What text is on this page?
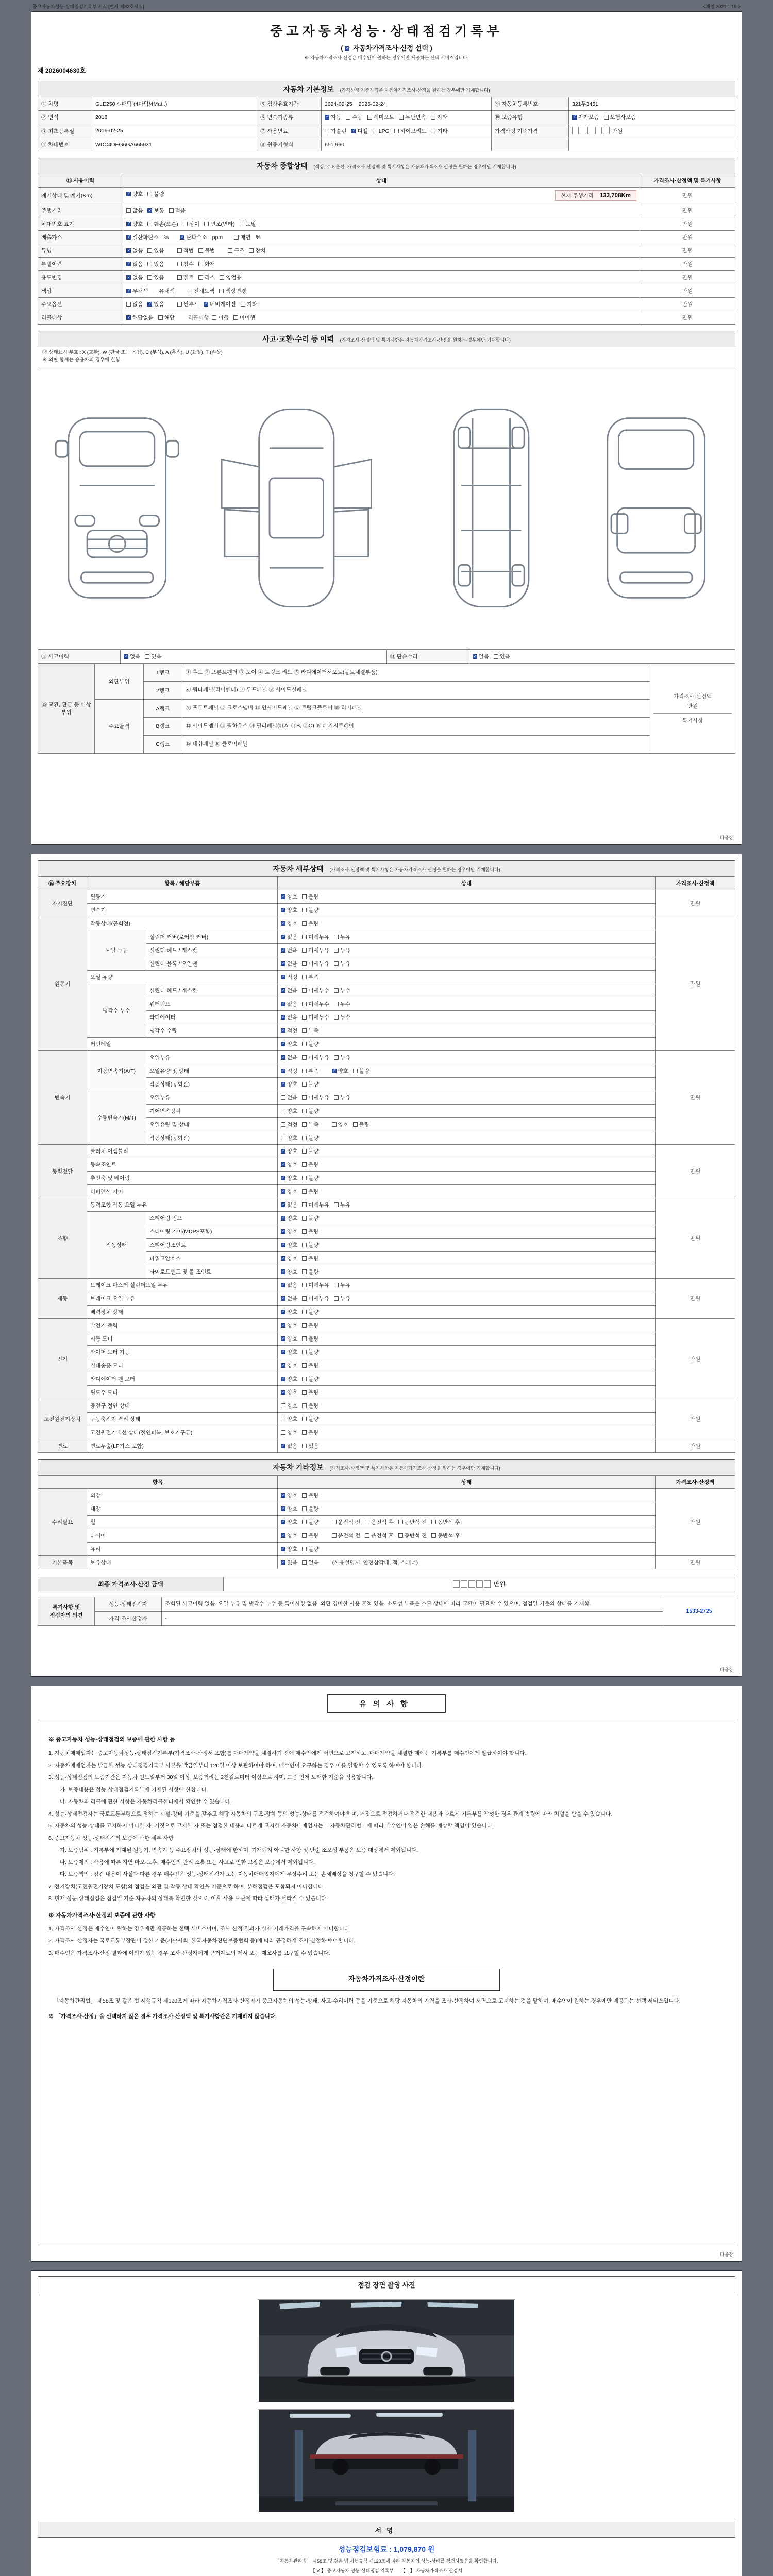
중고자동차성능·상태점검기록부 서식 [별지 제82호서식]	<개정 2021.1.19.>
중고자동차성능·상태점검기록부
( ✓ 자동차가격조사·산정 선택 )
※ 자동차가격조사·산정은 매수인이 원하는 경우에만 제공하는 선택 서비스입니다.
제 2026004630호
자동차 기본정보 (가격산정 기준가격은 자동차가격조사·산정을 원하는 경우에만 기재합니다)
① 차명	GLE250 4-매틱 (4마틱/4Mat..)	⑤ 검사유효기간	2024-02-25 ~ 2026-02-24	⑨ 자동차등록번호	321두3451
② 연식	2016	⑥ 변속기종류	✓자동 수동 세미오토 무단변속 기타	⑩ 보증유형	✓자가보증 보험사보증
③ 최초등록일	2016-02-25	⑦ 사용연료	가솔린 ✓ 디젤 LPG 하이브리드 기타	가격산정 기준가격	만원
④ 차대번호	WDC4DEG6GA665931	⑧ 원동기형식	651 960		
자동차 종합상태 (색상, 주요옵션, 가격조사·산정액 및 특기사항은 자동차가격조사·산정을 원하는 경우에만 기재합니다)
⑪ 사용이력	상태	가격조사·산정액 및 특기사항
계기상태 및 계기(Km)	✓양호 불량 현재 주행거리 133,708Km	만원
주행거리	많음 ✓ 보통 적음	만원
차대번호 표기	✓양호 훼손(오손) 상이 변조(변타) 도말	만원
배출가스	✓일산화탄소 % ✓ 탄화수소 ppm 매연 %	만원
튜닝	✓없음 있음 적법 불법 구조 장치	만원
특별이력	✓없음 있음 침수 화재	만원
용도변경	✓없음 있음 렌트 리스 영업용	만원
색상	✓무채색 유채색 전체도색 색상변경	만원
주요옵션	없음 ✓ 있음 썬루프 ✓ 네비게이션 기타	만원
리콜대상	✓해당없음 해당 리콜이행 이행 미이행	만원
사고·교환·수리 등 이력 (가격조사·산정액 및 특기사항은 자동차가격조사·산정을 원하는 경우에만 기재합니다)
⑫ 상태표시 부호 : X (교환), W (판금 또는 용접), C (부식), A (흠집), U (요철), T (손상)
※ 외판 합계는 승용차의 경우에 한함
⑬ 사고이력	✓없음 있음	⑭ 단순수리	✓없음 있음
⑮ 교환, 판금 등 이상 부위	외판부위	1랭크	① 후드 ② 프론트펜더 ③ 도어 ④ 트렁크 리드 ⑤ 라디에이터서포트(볼트체결부품)	가격조사·산정액
만원
특기사항

		2랭크	⑥ 쿼터패널(리어펜더) ⑦ 루프패널 ⑧ 사이드실패널	
	주요골격	A랭크	⑨ 프론트패널 ⑩ 크로스멤버 ⑪ 인사이드패널 ⑰ 트렁크플로어 ⑱ 리어패널	
		B랭크	⑫ 사이드멤버 ⑬ 휠하우스 ⑭ 필러패널(⑭A, ⑭B, ⑭C) ⑲ 패키지트레이	
		C랭크	⑮ 대쉬패널 ⑯ 플로어패널	
다음장
자동차 세부상태 (가격조사·산정액 및 특기사항은 자동차가격조사·산정을 원하는 경우에만 기재합니다)
⑯ 주요장치	항목 / 해당부품		상태	가격조사·산정액
자기진단	원동기	✓양호 불량	만원
	변속기	✓양호 불량
원동기	작동상태(공회전)	✓양호 불량	만원
	오일 누유	실린더 커버(로커암 커버)	✓없음 미세누유 누유
		실린더 헤드 / 개스킷	✓없음 미세누유 누유
		실린더 블록 / 오일팬	✓없음 미세누유 누유
	오일 유량	✓적정 부족
	냉각수 누수	실린더 헤드 / 개스킷	✓없음 미세누수 누수
		워터펌프	✓없음 미세누수 누수
		라디에이터	✓없음 미세누수 누수
		냉각수 수량	✓적정 부족
	커먼레일	✓양호 불량
변속기	자동변속기(A/T)	오일누유	✓없음 미세누유 누유	만원
		오일유량 및 상태	✓적정 부족 ✓ 양호 불량
		작동상태(공회전)	✓양호 불량
	수동변속기(M/T)	오일누유	없음 미세누유 누유	
		기어변속장치	양호 불량	
		오일유량 및 상태	적정 부족 양호 불량	
		작동상태(공회전)	양호 불량	
동력전달	클러치 어셈블리	✓양호 불량	만원
	등속조인트	✓양호 불량
	추진축 및 베어링	✓양호 불량
	디퍼렌셜 기어	✓양호 불량
조향	동력조향 작동 오일 누유	✓없음 미세누유 누유	만원
	작동상태	스티어링 펌프	✓양호 불량
		스티어링 기어(MDPS포함)	✓양호 불량
		스티어링조인트	✓양호 불량
		파워고압호스	✓양호 불량
		타이로드엔드 및 볼 조인트	✓양호 불량
제동	브레이크 마스터 실린더오일 누유	✓없음 미세누유 누유	만원
	브레이크 오일 누유	✓없음 미세누유 누유
	배력장치 상태	✓양호 불량
전기	발전기 출력	✓양호 불량	만원
	시동 모터	✓양호 불량
	와이퍼 모터 기능	✓양호 불량
	실내송풍 모터	✓양호 불량
	라디에이터 팬 모터	✓양호 불량
	윈도우 모터	✓양호 불량
고전원전기장치	충전구 절연 상태		양호 불량	만원
	구동축전지 격리 상태		양호 불량	
	고전원전기배선 상태(절연피복, 보호기구류)		양호 불량	
연료	연료누출(LP가스 포함)	✓없음 있음	만원
자동차 기타정보 (가격조사·산정액 및 특기사항은 자동차가격조사·산정을 원하는 경우에만 기재합니다)
항목		상태	가격조사·산정액
수리필요	외장	✓양호 불량	만원
	내장	✓양호 불량
	휠	✓양호 불량 운전석 전 운전석 후 동반석 전 동반석 후
	타이어	✓양호 불량 운전석 전 운전석 후 동반석 전 동반석 후
	유리	✓양호 불량
기본품목	보유상태	✓있음 없음 (사용설명서, 안전삼각대, 잭, 스패너)	만원
최종 가격조사·산정 금액	만원
특기사항 및 점검자의 의견	성능·상태점검자	조회된 사고이력 없음. 오일 누유 및 냉각수 누수 등 특이사항 없음. 외판 경미한 사용 흔적 있음. 소모성 부품은 소모 상태에 따라 교환이 필요할 수 있으며, 점검일 기준의 상태를 기재함.	1533-2725
	가격·조사산정자	-	
다음장
유의사항
※ 중고자동차 성능·상태점검의 보증에 관한 사항 등
1. 자동차매매업자는 중고자동차성능·상태점검기록부(가격조사·산정서 포함)를 매매계약을 체결하기 전에 매수인에게 서면으로 고지하고, 매매계약을 체결한 때에는 기록부를 매수인에게 발급하여야 합니다.
2. 자동차매매업자는 발급한 성능·상태점검기록부 사본을 발급일부터 120일 이상 보관하여야 하며, 매수인이 요구하는 경우 이를 열람할 수 있도록 하여야 합니다.
3. 성능·상태점검의 보증기간은 자동차 인도일부터 30일 이상, 보증거리는 2천킬로미터 이상으로 하며, 그중 먼저 도래한 기준을 적용합니다.
가. 보증내용은 성능·상태점검기록부에 기재된 사항에 한합니다.
나. 자동차의 리콜에 관한 사항은 자동차리콜센터에서 확인할 수 있습니다.
4. 성능·상태점검자는 국토교통부령으로 정하는 시설·장비 기준을 갖추고 해당 자동차의 구조·장치 등의 성능·상태를 점검하여야 하며, 거짓으로 점검하거나 점검한 내용과 다르게 기록부를 작성한 경우 관계 법령에 따라 처벌을 받을 수 있습니다.
5. 자동차의 성능·상태를 고지하지 아니한 자, 거짓으로 고지한 자 또는 점검한 내용과 다르게 고지한 자동차매매업자는 「자동차관리법」에 따라 매수인이 입은 손해를 배상할 책임이 있습니다.
6. 중고자동차 성능·상태점검의 보증에 관한 세부 사항
가. 보증범위 : 기록부에 기재된 원동기, 변속기 등 주요장치의 성능·상태에 한하며, 기재되지 아니한 사항 및 단순 소모성 부품은 보증 대상에서 제외됩니다.
나. 보증제외 : 사용에 따른 자연 마모·노후, 매수인의 관리 소홀 또는 사고로 인한 고장은 보증에서 제외됩니다.
다. 보증책임 : 점검 내용이 사실과 다른 경우 매수인은 성능·상태점검자 또는 자동차매매업자에게 무상수리 또는 손해배상을 청구할 수 있습니다.
7. 전기장치(고전원전기장치 포함)의 점검은 외관 및 작동 상태 확인을 기준으로 하며, 분해점검은 포함되지 아니합니다.
8. 현재 성능·상태점검은 점검일 기준 자동차의 상태를 확인한 것으로, 이후 사용·보관에 따라 상태가 달라질 수 있습니다.
※ 자동차가격조사·산정의 보증에 관한 사항
1. 가격조사·산정은 매수인이 원하는 경우에만 제공하는 선택 서비스이며, 조사·산정 결과가 실제 거래가격을 구속하지 아니합니다.
2. 가격조사·산정자는 국토교통부장관이 정한 기준(기술사회, 한국자동차진단보증협회 등)에 따라 공정하게 조사·산정하여야 합니다.
3. 매수인은 가격조사·산정 결과에 이의가 있는 경우 조사·산정자에게 근거자료의 제시 또는 재조사를 요구할 수 있습니다.
자동차가격조사·산정이란
「자동차관리법」 제58조 및 같은 법 시행규칙 제120조에 따라 자동차가격조사·산정자가 중고자동차의 성능·상태, 사고·수리이력 등을 기준으로 해당 자동차의 가격을 조사·산정하여 서면으로 고지하는 것을 말하며, 매수인이 원하는 경우에만 제공되는 선택 서비스입니다.
※ 「가격조사·산정」을 선택하지 않은 경우 가격조사·산정액 및 특기사항란은 기재하지 않습니다.
다음장
점검 장면 촬영 사진
서명
성능점검보험료 : 1,079,870 원
「자동차관리법」 제58조 및 같은 법 시행규칙 제120조에 따라 자동차의 성능·상태를 점검하였음을 확인합니다.
【 V 】 중고자동차 성능·상태점검 기록부　　【　】 자동차가격조사·산정서
